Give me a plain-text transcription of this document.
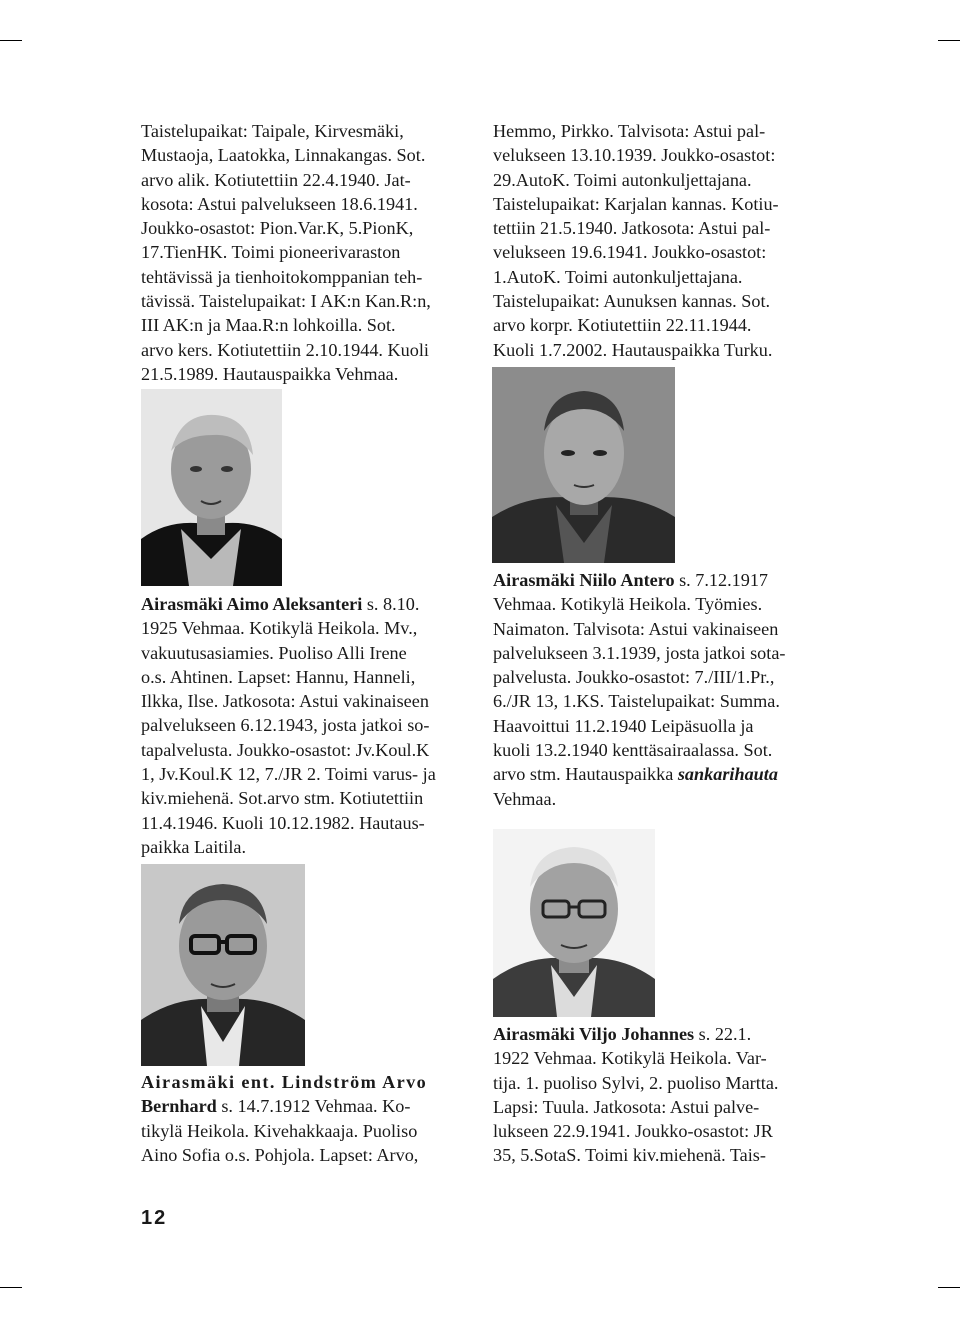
Taistelupaikat: Taipale, Kirvesmäki,
Mustaoja, Laatokka, Linnakangas. Sot.
arvo alik. Kotiutettiin 22.4.1940. Jat-
kosota: Astui palvelukseen 18.6.1941.
Joukko-osastot: Pion.Var.K, 5.PionK,
17.TienHK. Toimi pioneerivaraston
tehtävissä ja tienhoitokomppanian teh-
tävissä. Taistelupaikat: I AK:n Kan.R:n,
III AK:n ja Maa.R:n lohkoilla. Sot.
arvo kers. Kotiutettiin 2.10.1944. Kuoli
21.5.1989. Hautauspaikka Vehmaa.
Hemmo, Pirkko. Talvisota: Astui pal-
velukseen 13.10.1939. Joukko-osastot:
29.AutoK. Toimi autonkuljettajana.
Taistelupaikat: Karjalan kannas. Kotiu-
tettiin 21.5.1940. Jatkosota: Astui pal-
velukseen 19.6.1941. Joukko-osastot:
1.AutoK. Toimi autonkuljettajana.
Taistelupaikat: Aunuksen kannas. Sot.
arvo korpr. Kotiutettiin 22.11.1944.
Kuoli 1.7.2002. Hautauspaikka Turku.
Airasmäki Aimo Aleksanteri s. 8.10.
1925 Vehmaa. Kotikylä Heikola. Mv.,
vakuutusasiamies. Puoliso Alli Irene
o.s. Ahtinen. Lapset: Hannu, Hanneli,
Ilkka, Ilse. Jatkosota: Astui vakinaiseen
palvelukseen 6.12.1943, josta jatkoi so-
tapalvelusta. Joukko-osastot: Jv.Koul.K
1, Jv.Koul.K 12, 7./JR 2. Toimi varus- ja
kiv.miehenä. Sot.arvo stm. Kotiutettiin
11.4.1946. Kuoli 10.12.1982. Hautaus-
paikka Laitila.
Airasmäki Niilo Antero s. 7.12.1917
Vehmaa. Kotikylä Heikola. Työmies.
Naimaton. Talvisota: Astui vakinaiseen
palvelukseen 3.1.1939, josta jatkoi sota-
palvelusta. Joukko-osastot: 7./III/1.Pr.,
6./JR 13, 1.KS. Taistelupaikat: Summa.
Haavoittui 11.2.1940 Leipäsuolla ja
kuoli 13.2.1940 kenttäsairaalassa. Sot.
arvo stm. Hautauspaikka sankarihauta
Vehmaa.
Airasmäki Viljo Johannes s. 22.1.
1922 Vehmaa. Kotikylä Heikola. Var-
tija. 1. puoliso Sylvi, 2. puoliso Martta.
Lapsi: Tuula. Jatkosota: Astui palve-
lukseen 22.9.1941. Joukko-osastot: JR
35, 5.SotaS. Toimi kiv.miehenä. Tais-
Airasmäki ent. Lindström Arvo
Bernhard s. 14.7.1912 Vehmaa. Ko-
tikylä Heikola. Kivehakkaaja. Puoliso
Aino Sofia o.s. Pohjola. Lapset: Arvo,
12
